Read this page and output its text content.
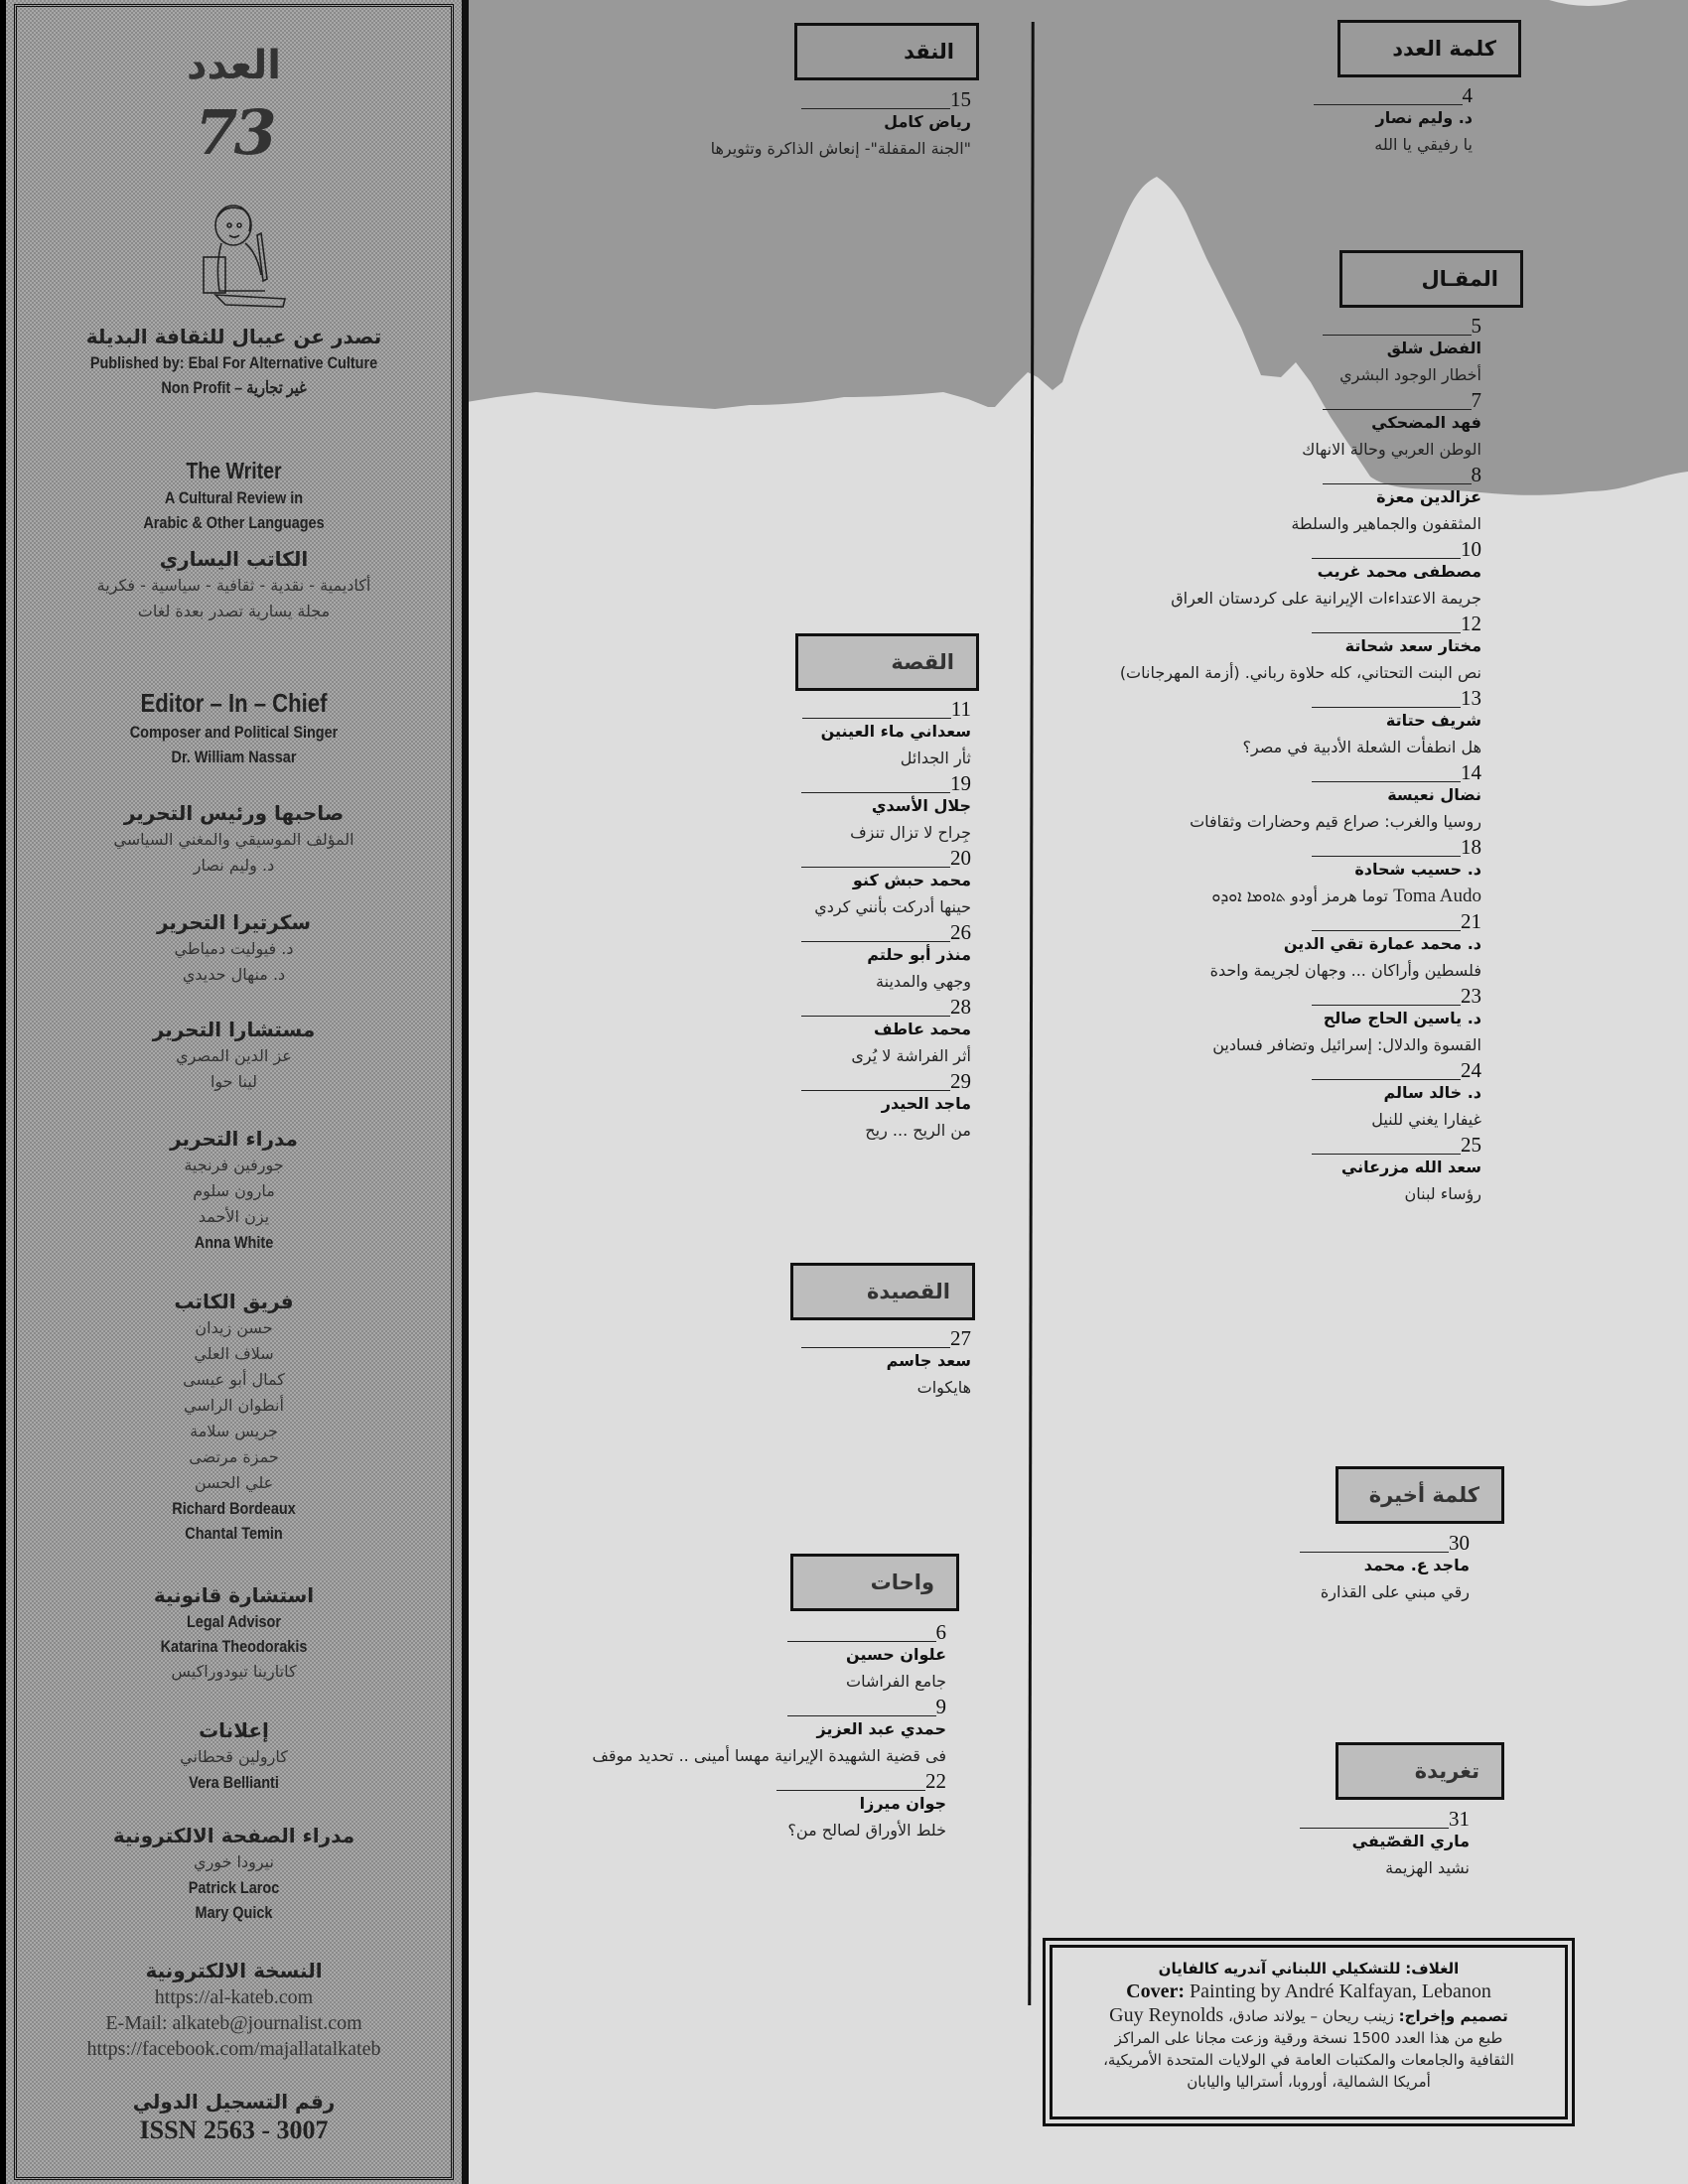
العدد
73
تصدر عن عيبال للثقافة البديلة
Published by: Ebal For Alternative Culture
Non Profit – غير تجارية
The Writer
A Cultural Review in
Arabic & Other Languages
الكاتب اليساري
أكاديمية - نقدية - ثقافية - سياسية - فكرية
مجلة يسارية تصدر بعدة لغات
Editor – In – Chief
Composer and Political Singer
Dr. William Nassar
صاحبها ورئيس التحرير
المؤلف الموسيقي والمغني السياسي
د. وليم نصار
سكرتيرا التحرير
د. فيوليت دمياطي
د. منهال حديدي
مستشارا التحرير
عز الدين المصري
لينا حوا
مدراء التحرير
جورفين فرنجية
مارون سلوم
يزن الأحمد
Anna White
فريق الكاتب
حسن زيدان
سلاف العلي
كمال أبو عيسى
أنطوان الراسي
جريس سلامة
حمزة مرتضى
علي الحسن
Richard Bordeaux
Chantal Temin
استشارة قانونية
Legal Advisor
Katarina Theodorakis
كاتارينا تيودوراكيس
إعلانات
كارولين قحطاني
Vera Bellianti
مدراء الصفحة الالكترونية
نيرودا خوري
Patrick Laroc
Mary Quick
النسخة الالكترونية
https://al-kateb.com
E-Mail: alkateb@journalist.com
https://facebook.com/majallatalkateb
رقم التسجيل الدولي
ISSN 2563 - 3007
كلمة العدد
4
د. وليم نصار
يا رفيقي يا الله
المقـال
5
الفضل شلق
أخطار الوجود البشري
7
فهد المضحكي
الوطن العربي وحالة الانهاك
8
عزالدين معزة
المثقفون والجماهير والسلطة
10
مصطفى محمد غريب
جريمة الاعتداءات الإيرانية على كردستان العراق
12
مختار سعد شحاتة
نص البنت التحتاني، كله حلاوة رباني. (أزمة المهرجانات)
13
شريف حتاتة
هل انطفأت الشعلة الأدبية في مصر؟
14
نضال نعيسة
روسيا والغرب: صراع قيم وحضارات وثقافات
18
د. حسيب شحادة
Toma Audo توما هرمز أودو ܬܐܘܡܐ ܐܘܕܘ
21
د. محمد عمارة تقي الدين
فلسطين وأراكان ... وجهان لجريمة واحدة
23
د. ياسين الحاج صالح
القسوة والدلال: إسرائيل وتضافر فسادين
24
د. خالد سالم
غيفارا يغني للنيل
25
سعد الله مزرعاني
رؤساء لبنان
كلمة أخيرة
30
ماجد ع. محمد
رقي مبني على القذارة
تغريدة
31
ماري القصّيفي
نشيد الهزيمة
النقد
15
رياض كامل
"الجنة المقفلة"- إنعاش الذاكرة وتثويرها
القصة
11
سعداني ماء العينين
ثأر الجدائل
19
جلال الأسدي
جِراح لا تزال تنزف
20
محمد حبش كنو
حينها أدركت بأنني كردي
26
منذر أبو حلتم
وجهي والمدينة
28
محمد عاطف
أثر الفراشة لا يُرى
29
ماجد الحيدر
من الريح ... ريح
القصيدة
27
سعد جاسم
هايكوات
واحات
6
علوان حسين
جامع الفراشات
9
حمدي عبد العزيز
فى قضية الشهيدة الإيرانية مهسا أمينى .. تحديد موقف
22
جوان ميرزا
خلط الأوراق لصالح من؟
الغلاف: للتشكيلي اللبناني آندريه كالفايان
Cover: Painting by André Kalfayan, Lebanon
تصميم وإخراج: زينب ريحان – يولاند صادق، Guy Reynolds
طبع من هذا العدد 1500 نسخة ورقية وزعت مجانا على المراكز
الثقافية والجامعات والمكتبات العامة في الولايات المتحدة الأمريكية،
أمريكا الشمالية، أوروبا، أستراليا واليابان
